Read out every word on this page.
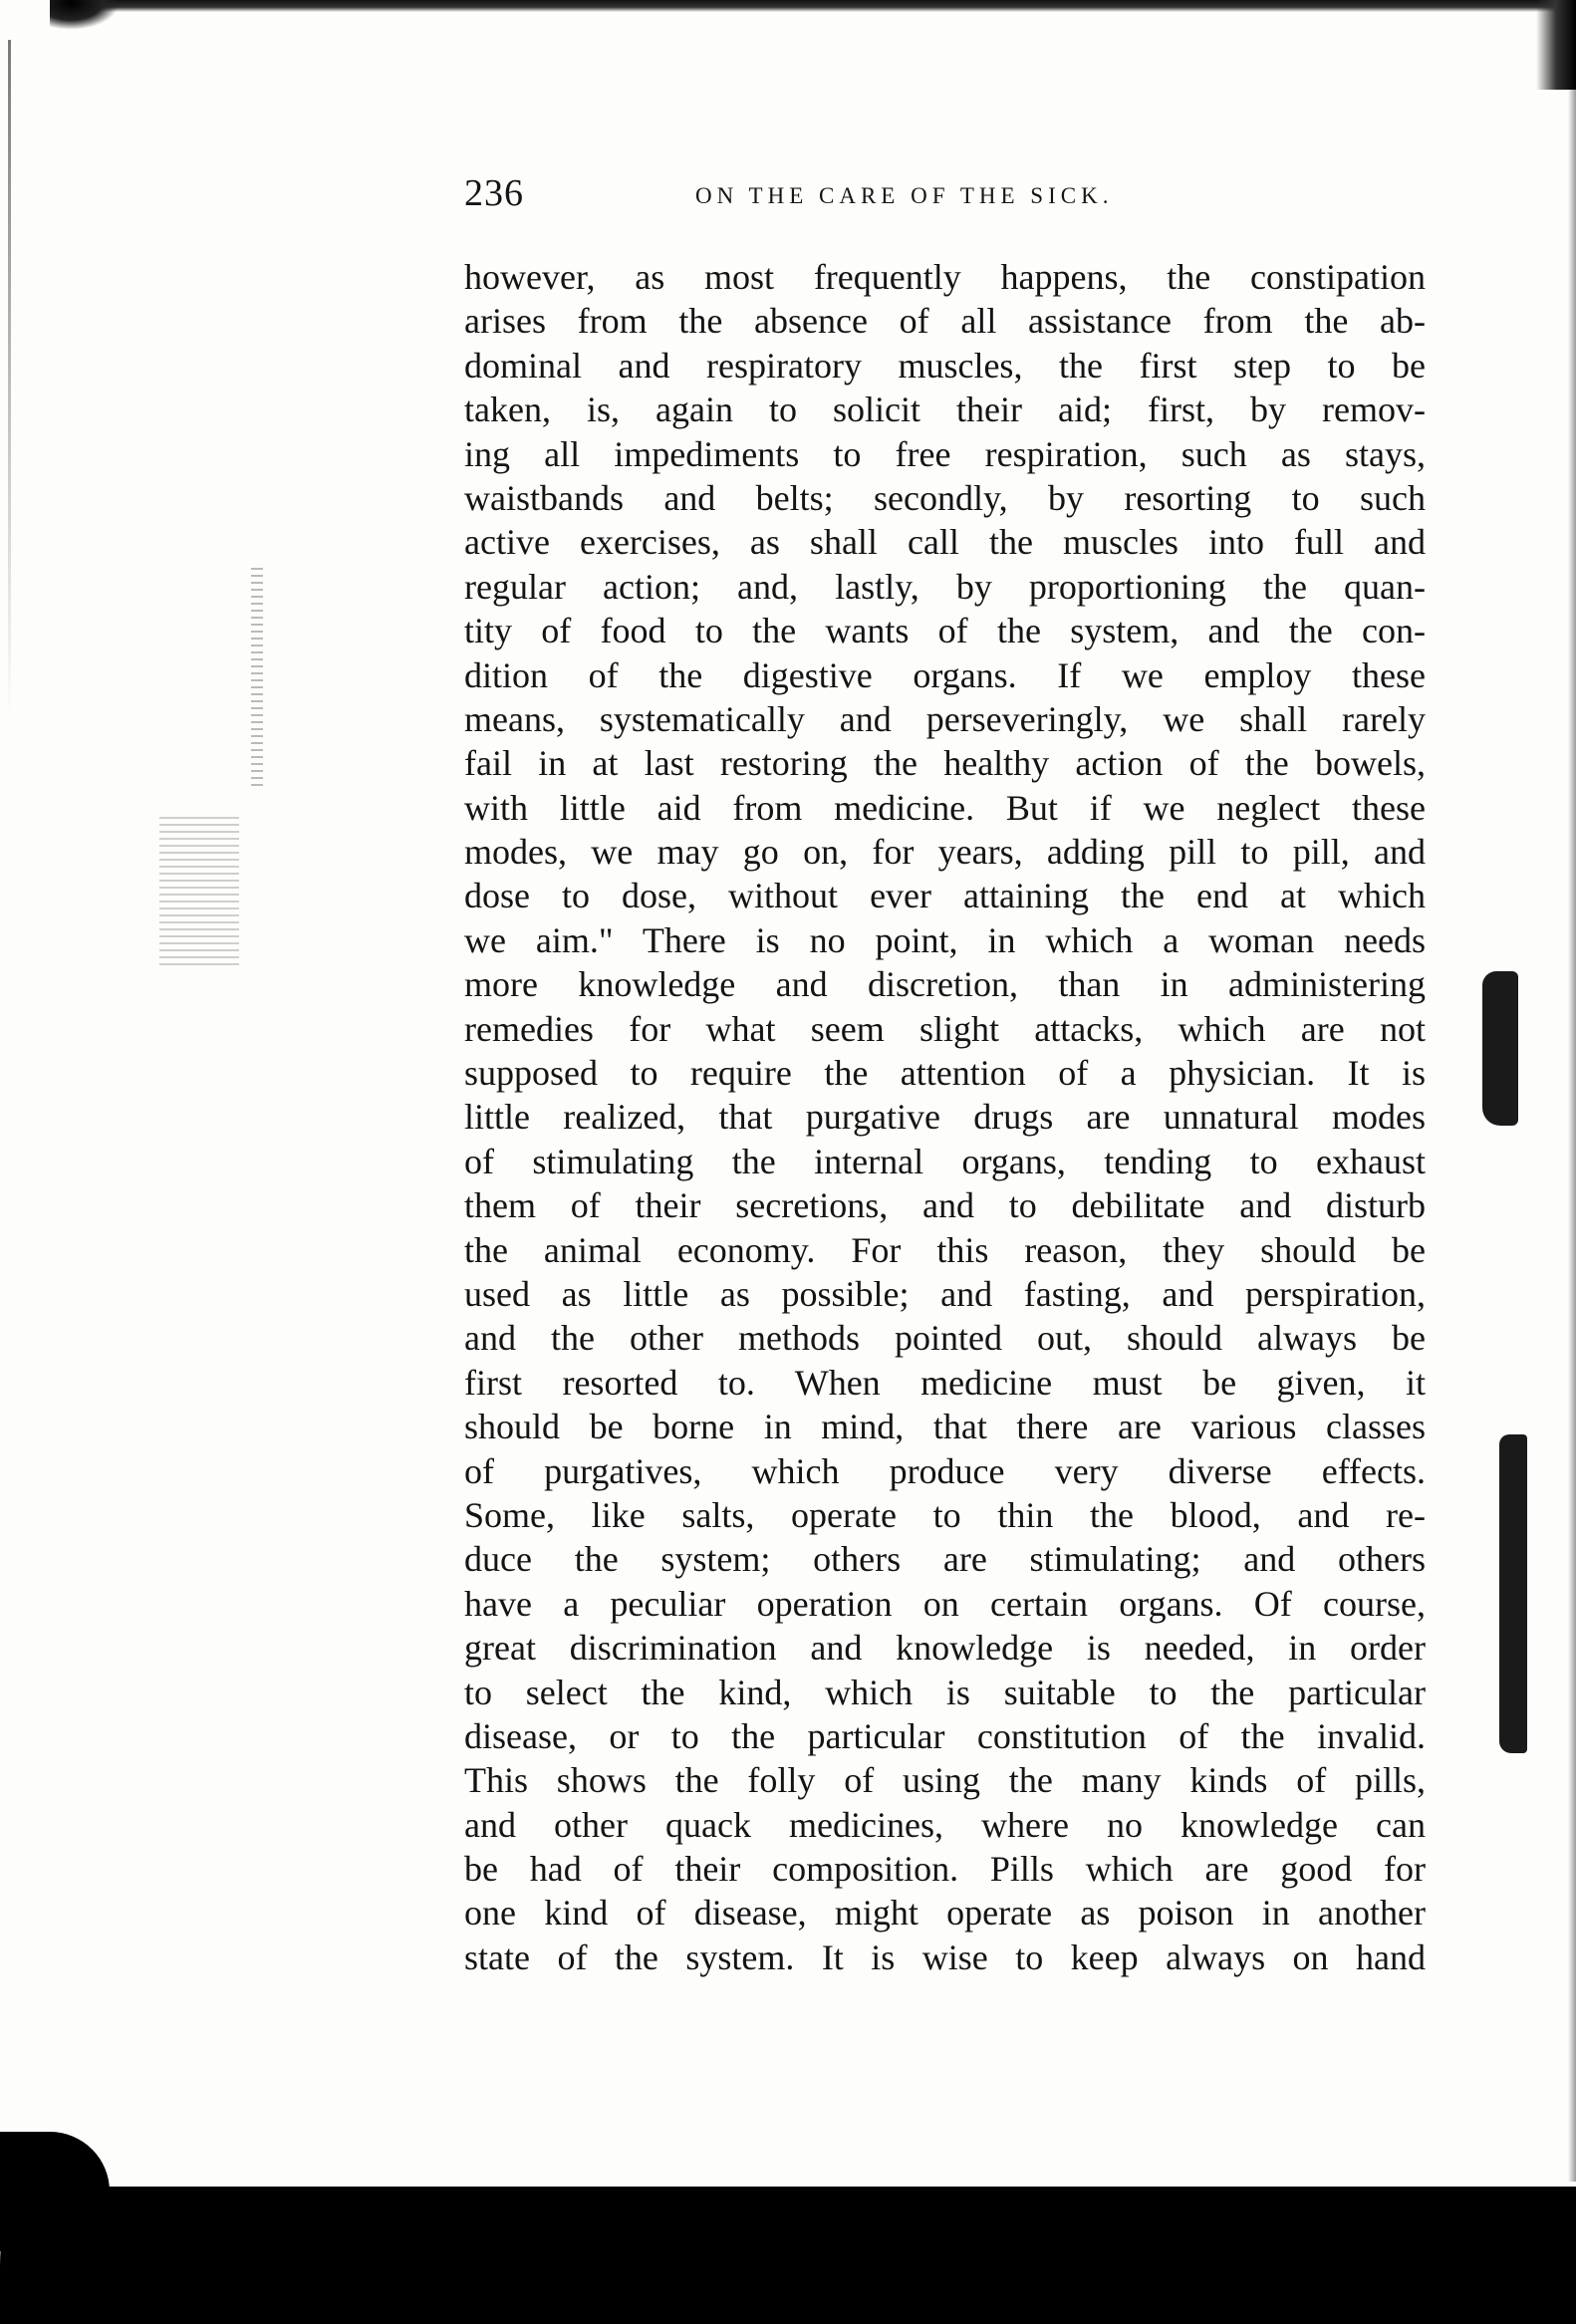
236	ON THE CARE OF THE SICK.
however, as most frequently happens, the constipation
arises from the absence of all assistance from the ab-
dominal and respiratory muscles, the first step to be
taken, is, again to solicit their aid; first, by remov-
ing all impediments to free respiration, such as stays,
waistbands and belts; secondly, by resorting to such
active exercises, as shall call the muscles into full and
regular action; and, lastly, by proportioning the quan-
tity of food to the wants of the system, and the con-
dition of the digestive organs. If we employ these
means, systematically and perseveringly, we shall rarely
fail in at last restoring the healthy action of the bowels,
with little aid from medicine. But if we neglect these
modes, we may go on, for years, adding pill to pill, and
dose to dose, without ever attaining the end at which
we aim." There is no point, in which a woman needs
more knowledge and discretion, than in administering
remedies for what seem slight attacks, which are not
supposed to require the attention of a physician. It is
little realized, that purgative drugs are unnatural modes
of stimulating the internal organs, tending to exhaust
them of their secretions, and to debilitate and disturb
the animal economy. For this reason, they should be
used as little as possible; and fasting, and perspiration,
and the other methods pointed out, should always be
first resorted to. When medicine must be given, it
should be borne in mind, that there are various classes
of purgatives, which produce very diverse effects.
Some, like salts, operate to thin the blood, and re-
duce the system; others are stimulating; and others
have a peculiar operation on certain organs. Of course,
great discrimination and knowledge is needed, in order
to select the kind, which is suitable to the particular
disease, or to the particular constitution of the invalid.
This shows the folly of using the many kinds of pills,
and other quack medicines, where no knowledge can
be had of their composition. Pills which are good for
one kind of disease, might operate as poison in another
state of the system. It is wise to keep always on hand
